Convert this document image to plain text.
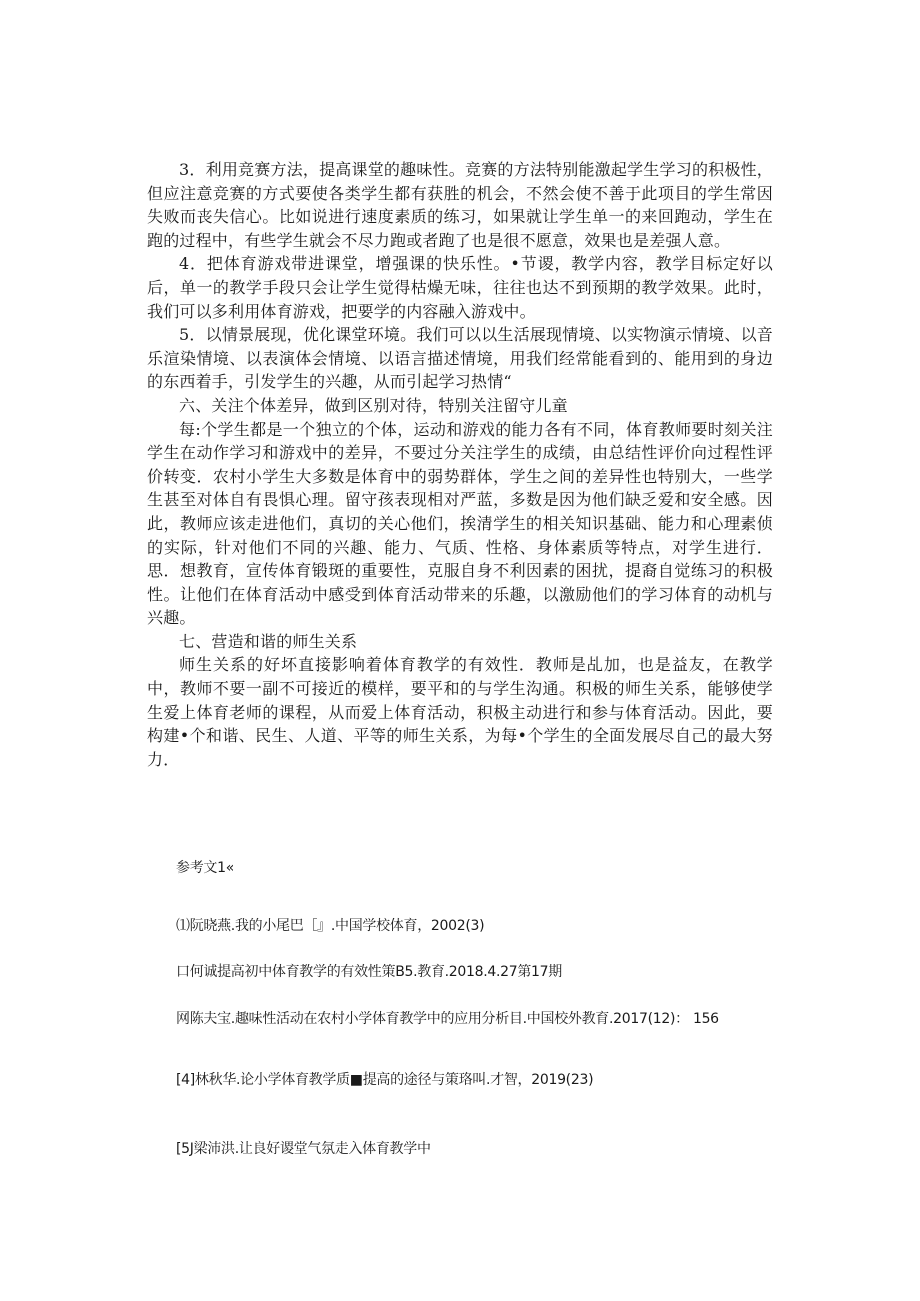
3．利用竞赛方法，提高课堂的趣味性。竞赛的方法特别能激起学生学习的积极性，但应注意竞赛的方式要使各类学生都有获胜的机会，不然会使不善于此项目的学生常因失败而丧失信心。比如说进行速度素质的练习，如果就让学生单一的来回跑动，学生在跑的过程中，有些学生就会不尽力跑或者跑了也是很不愿意，效果也是差强人意。

4．把体育游戏带进课堂，增强课的快乐性。•节谡，教学内容，教学目标定好以后，单一的教学手段只会让学生觉得枯燥无味，往往也达不到预期的教学效果。此时，我们可以多利用体育游戏，把要学的内容融入游戏中。

5．以情景展现，优化课堂环境。我们可以以生活展现情境、以实物演示情境、以音乐渲染情境、以表演体会情境、以语言描述情境，用我们经常能看到的、能用到的身边的东西着手，引发学生的兴趣，从而引起学习热情“

六、关注个体差异，做到区别对待，特别关注留守儿童

每:个学生都是一个独立的个体，运动和游戏的能力各有不同，体育教师要时刻关注学生在动作学习和游戏中的差异，不要过分关注学生的成绩，由总结性评价向过程性评价转变．农村小学生大多数是体育中的弱势群体，学生之间的差异性也特别大，一些学生甚至对体自有畏惧心理。留守孩表现相对严蓝，多数是因为他们缺乏爱和安全感。因此，教师应该走进他们，真切的关心他们，挨清学生的相关知识基础、能力和心理素侦的实际，针对他们不同的兴趣、能力、气质、性格、身体素质等特点，对学生进行．思．想教育，宣传体育锻斑的重要性，克服自身不利因素的困扰，提裔自觉练习的积极性。让他们在体育活动中感受到体育活动带来的乐趣，以激励他们的学习体育的动机与兴趣。

七、营造和谐的师生关系

师生关系的好坏直接影响着体育教学的有效性．教师是乩加，也是益友，在教学中，教师不要一副不可接近的模样，要平和的与学生沟通。积极的师生关系，能够使学生爱上体育老师的课程，从而爱上体育活动，积极主动进行和参与体育活动。因此，要构建•个和谐、民生、人道、平等的师生关系，为每•个学生的全面发展尽自己的最大努力．

参考文1«
⑴阮晓燕.我的小尾巴［』.中国学校体育，2002(3)
口何诚提高初中体育教学的有效性策B5.教育.2018.4.27第17期
网陈夫宝.趣味性活动在农村小学体育教学中的应用分析目.中国校外教育.2017(12)： 156
[4]林秋华.论小学体育教学质■提高的途径与策珞叫.才智，2019(23)
[5J梁沛洪.让良好谡堂气氛走入体育教学中
